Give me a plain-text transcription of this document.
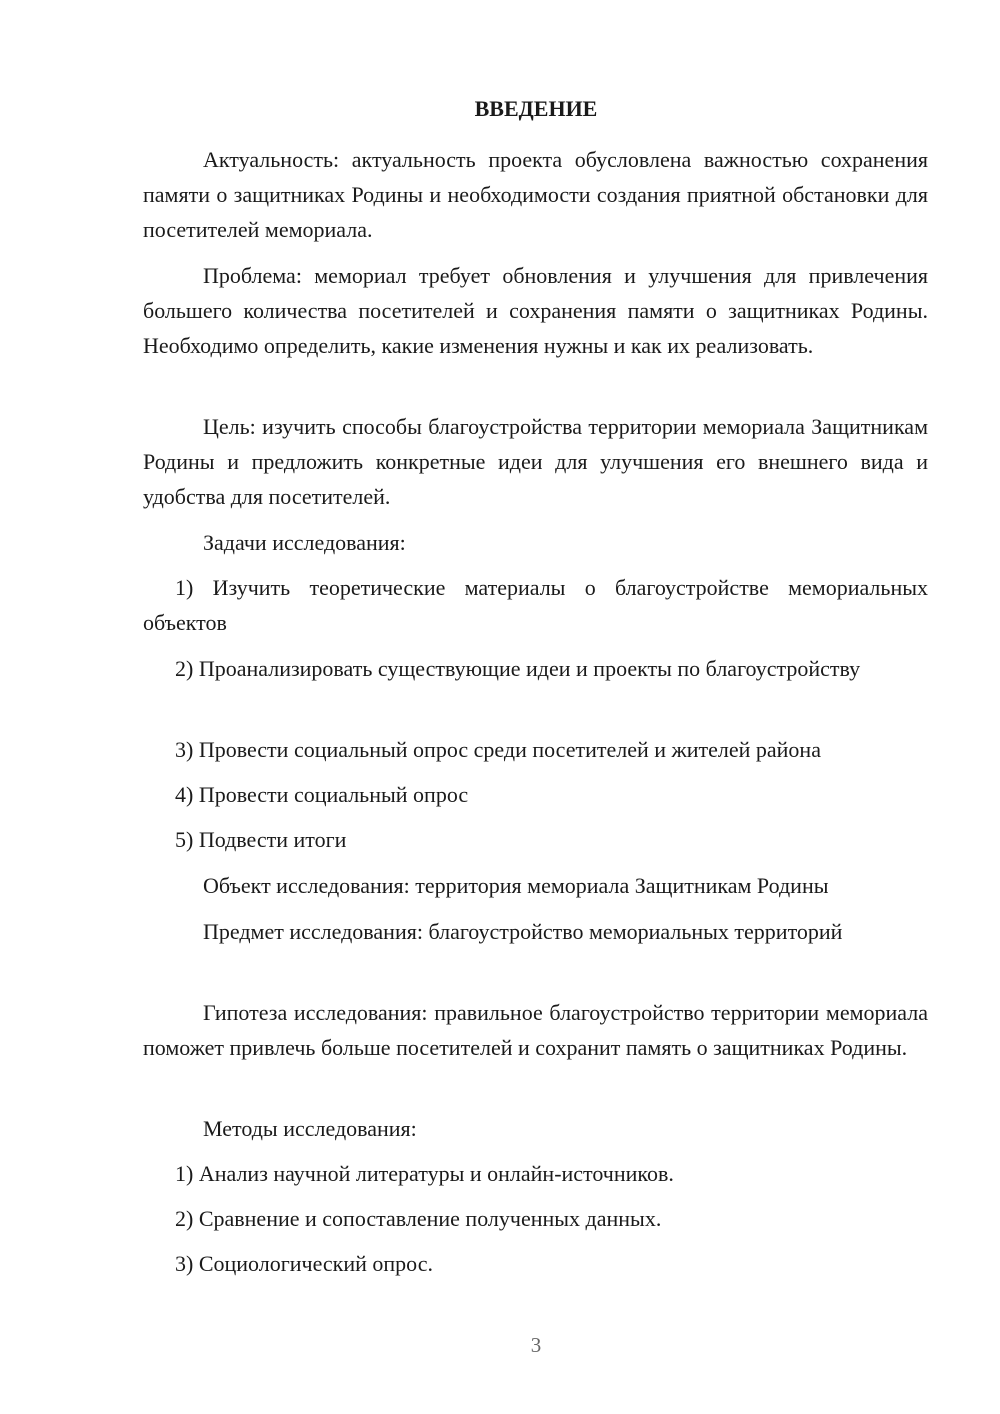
ВВЕДЕНИЕ
Актуальность: актуальность проекта обусловлена важностью сохранения памяти о защитниках Родины и необходимости создания приятной обстановки для посетителей мемориала.
Проблема: мемориал требует обновления и улучшения для привлечения большего количества посетителей и сохранения памяти о защитниках Родины. Необходимо определить, какие изменения нужны и как их реализовать.
Цель: изучить способы благоустройства территории мемориала Защитникам Родины и предложить конкретные идеи для улучшения его внешнего вида и удобства для посетителей.
Задачи исследования:
1) Изучить теоретические материалы о благоустройстве мемориальных объектов
2) Проанализировать существующие идеи и проекты по благоустройству
3) Провести социальный опрос среди посетителей и жителей района
4) Провести социальный опрос
5) Подвести итоги
Объект исследования: территория мемориала Защитникам Родины
Предмет исследования: благоустройство мемориальных территорий
Гипотеза исследования: правильное благоустройство территории мемориала поможет привлечь больше посетителей и сохранит память о защитниках Родины.
Методы исследования:
1) Анализ научной литературы и онлайн-источников.
2) Сравнение и сопоставление полученных данных.
3) Социологический опрос.
3
